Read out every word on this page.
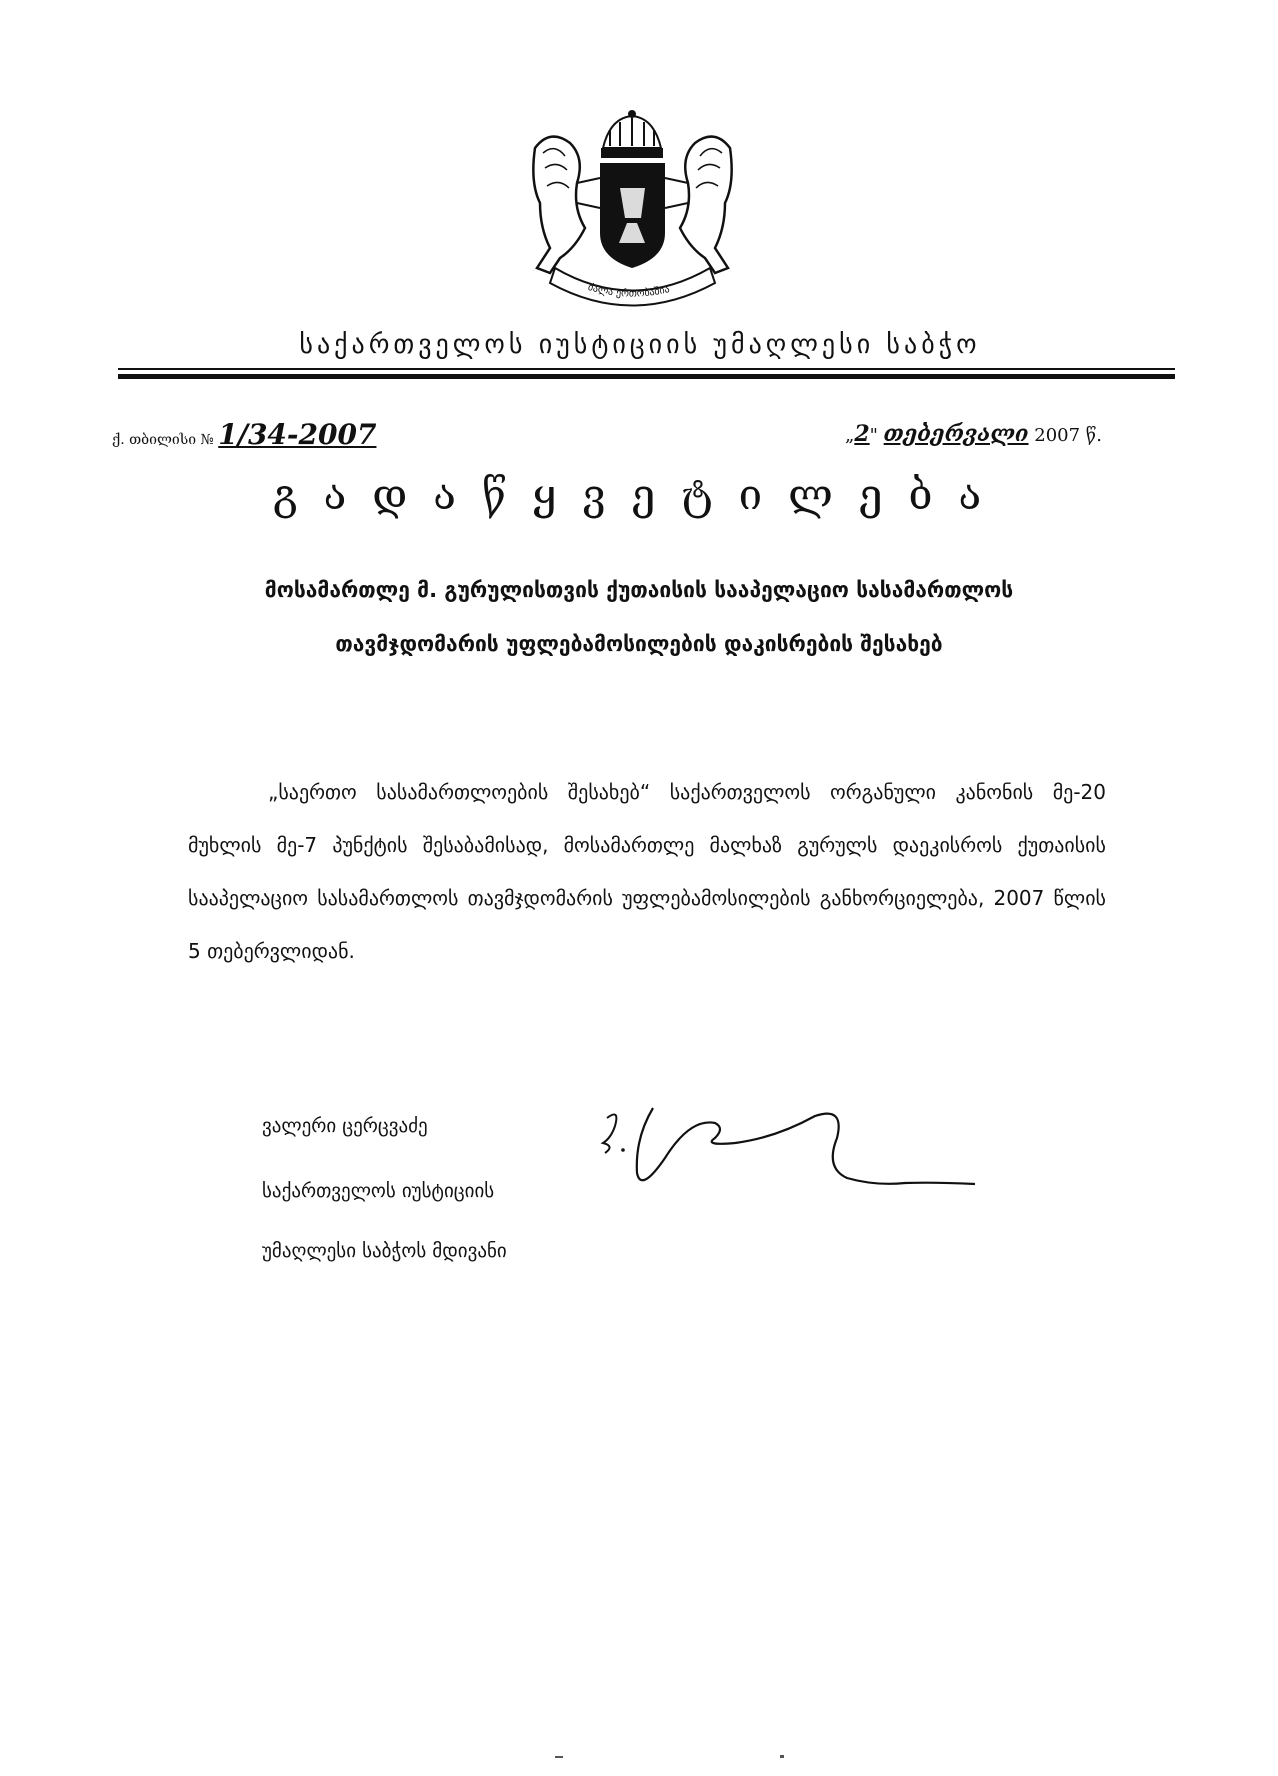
ძალა ერთობაშია
საქართველოს იუსტიციის უმაღლესი საბჭო
ქ. თბილისი № 1/34-2007	„2" თებერვალი 2007 წ.
გადაწყვეტილება
მოსამართლე მ. გურულისთვის ქუთაისის სააპელაციო სასამართლოს
თავმჯდომარის უფლებამოსილების დაკისრების შესახებ
„საერთო სასამართლოების შესახებ“ საქართველოს ორგანული კანონის მე-20 მუხლის მე-7 პუნქტის შესაბამისად, მოსამართლე მალხაზ გურულს დაეკისროს ქუთაისის სააპელაციო სასამართლოს თავმჯდომარის უფლებამოსილების განხორციელება, 2007 წლის 5 თებერვლიდან.
ვალერი ცერცვაძე
საქართველოს იუსტიციის
უმაღლესი საბჭოს მდივანი
